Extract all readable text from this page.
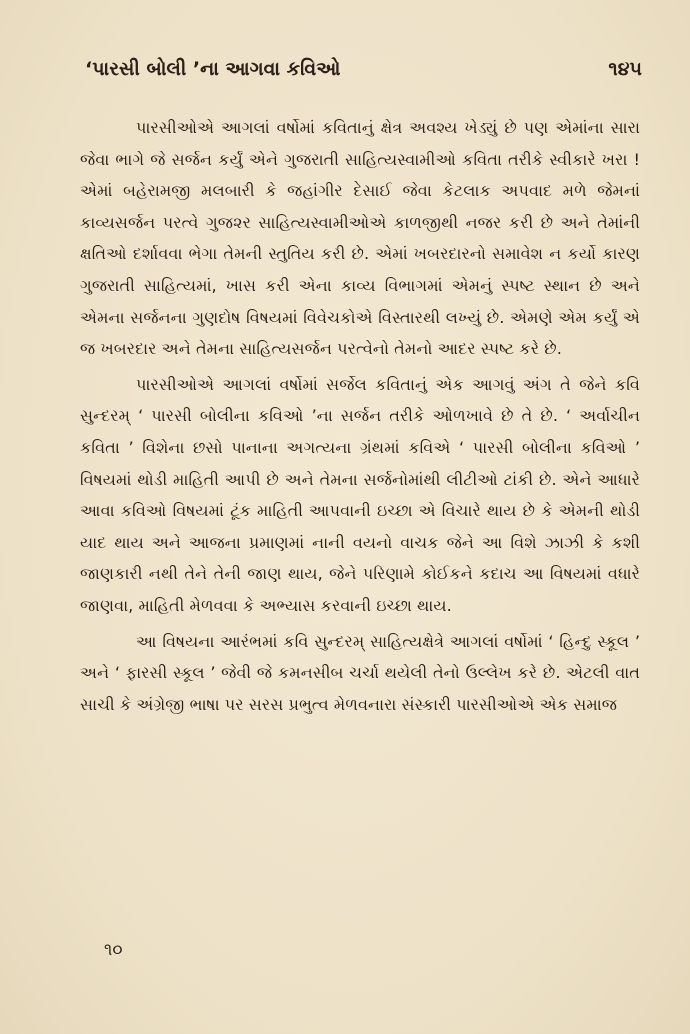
‘પારસી બોલી ’ના આગવા કવિઓ	૧૪૫

પારસીઓએ આગલાં વર્ષોમાં કવિતાનું ક્ષેત્ર અવશ્ય ખેડ્યું છે પણ એમાંના સારા જેવા ભાગે જે સર્જન કર્યું એને ગુજરાતી સાહિત્યસ્વામીઓ કવિતા તરીકે સ્વીકારે ખરા ! એમાં બહેરામજી મલબારી કે જહાંગીર દેસાઈ જેવા કેટલાક અપવાદ મળે જેમનાં કાવ્યસર્જન પરત્વે ગુજ૨ર સાહિત્યસ્વામીઓએ કાળજીથી નજર કરી છે અને તેમાંની ક્ષતિઓ દર્શાવવા ભેગા તેમની સ્તુતિય કરી છે. એમાં ખબરદારનો સમાવેશ ન કર્યો કારણ ગુજરાતી સાહિત્યમાં, ખાસ કરી એના કાવ્ય વિભાગમાં એમનું સ્પષ્ટ સ્થાન છે અને એમના સર્જનના ગુણદોષ વિષયમાં વિવેચકોએ વિસ્તારથી લખ્યું છે. એમણે એમ કર્યું એ જ ખબરદાર અને તેમના સાહિત્યસર્જન પરત્વેનો તેમનો આદર સ્પષ્ટ કરે છે.

પારસીઓએ આગલાં વર્ષોમાં સર્જેલ કવિતાનું એક આગવું અંગ તે જેને કવિ સુન્દરમ્ ‘ પારસી બોલીના કવિઓ ’ના સર્જન તરીકે ઓળખાવે છે તે છે. ‘ અર્વાચીન કવિતા ’ વિશેના છસો પાનાના અગત્યના ગ્રંથમાં કવિએ ‘ પારસી બોલીના કવિઓ ’ વિષયમાં થોડી માહિતી આપી છે અને તેમના સર્જનોમાંથી લીટીઓ ટાંકી છે. એને આધારે આવા કવિઓ વિષયમાં ટૂંક માહિતી આપવાની ઇચ્છા એ વિચારે થાય છે કે એમની થોડી યાદ થાય અને આજના પ્રમાણમાં નાની વયનો વાચક જેને આ વિશે ઝાઝી કે કશી જાણકારી નથી તેને તેની જાણ થાય, જેને પરિણામે કોઈકને કદાચ આ વિષયમાં વધારે જાણવા, માહિતી મેળવવા કે અભ્યાસ કરવાની ઇચ્છા થાય.

આ વિષયના આરંભમાં કવિ સુન્દરમ્ સાહિત્યક્ષેત્રે આગલાં વર્ષોમાં ‘ હિન્દુ સ્કૂલ ’ અને ‘ ફારસી સ્કૂલ ’ જેવી જે કમનસીબ ચર્ચા થયેલી તેનો ઉલ્લેખ કરે છે. એટલી વાત સાચી કે અંગ્રેજી ભાષા પર સરસ પ્રભુત્વ મેળવનારા સંસ્કારી પારસીઓએ એક સમાજ

૧૦
